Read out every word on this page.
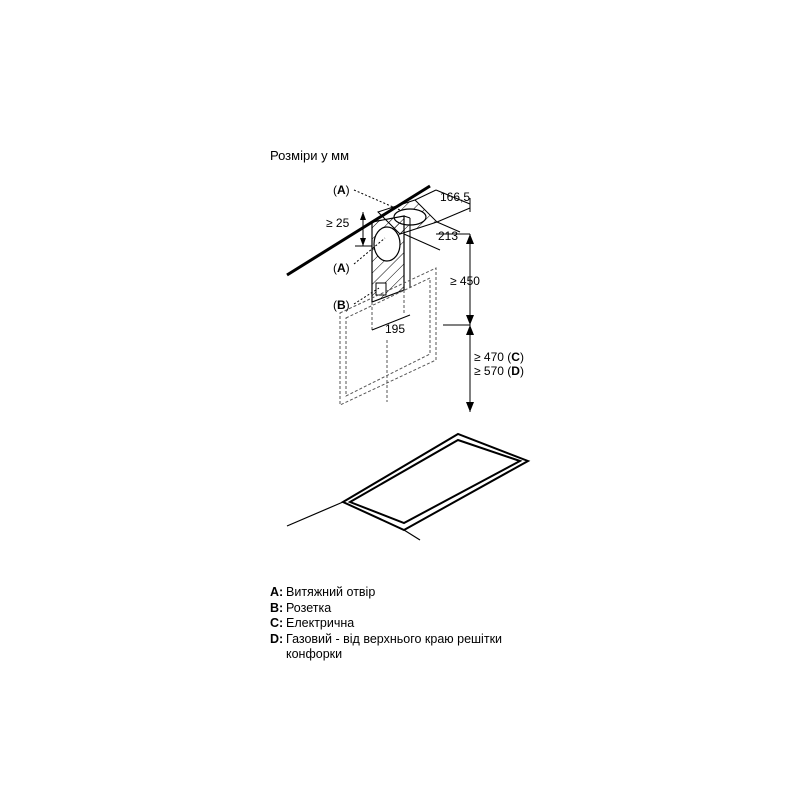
Розміри у мм
(A)
(A)
(B)
166,5
213
≥ 25
≥ 450
195
≥ 470 (C)
≥ 570 (D)
A: Витяжний отвір
B: Розетка
C: Електрична
D: Газовий - від верхнього краю решітки
конфорки
